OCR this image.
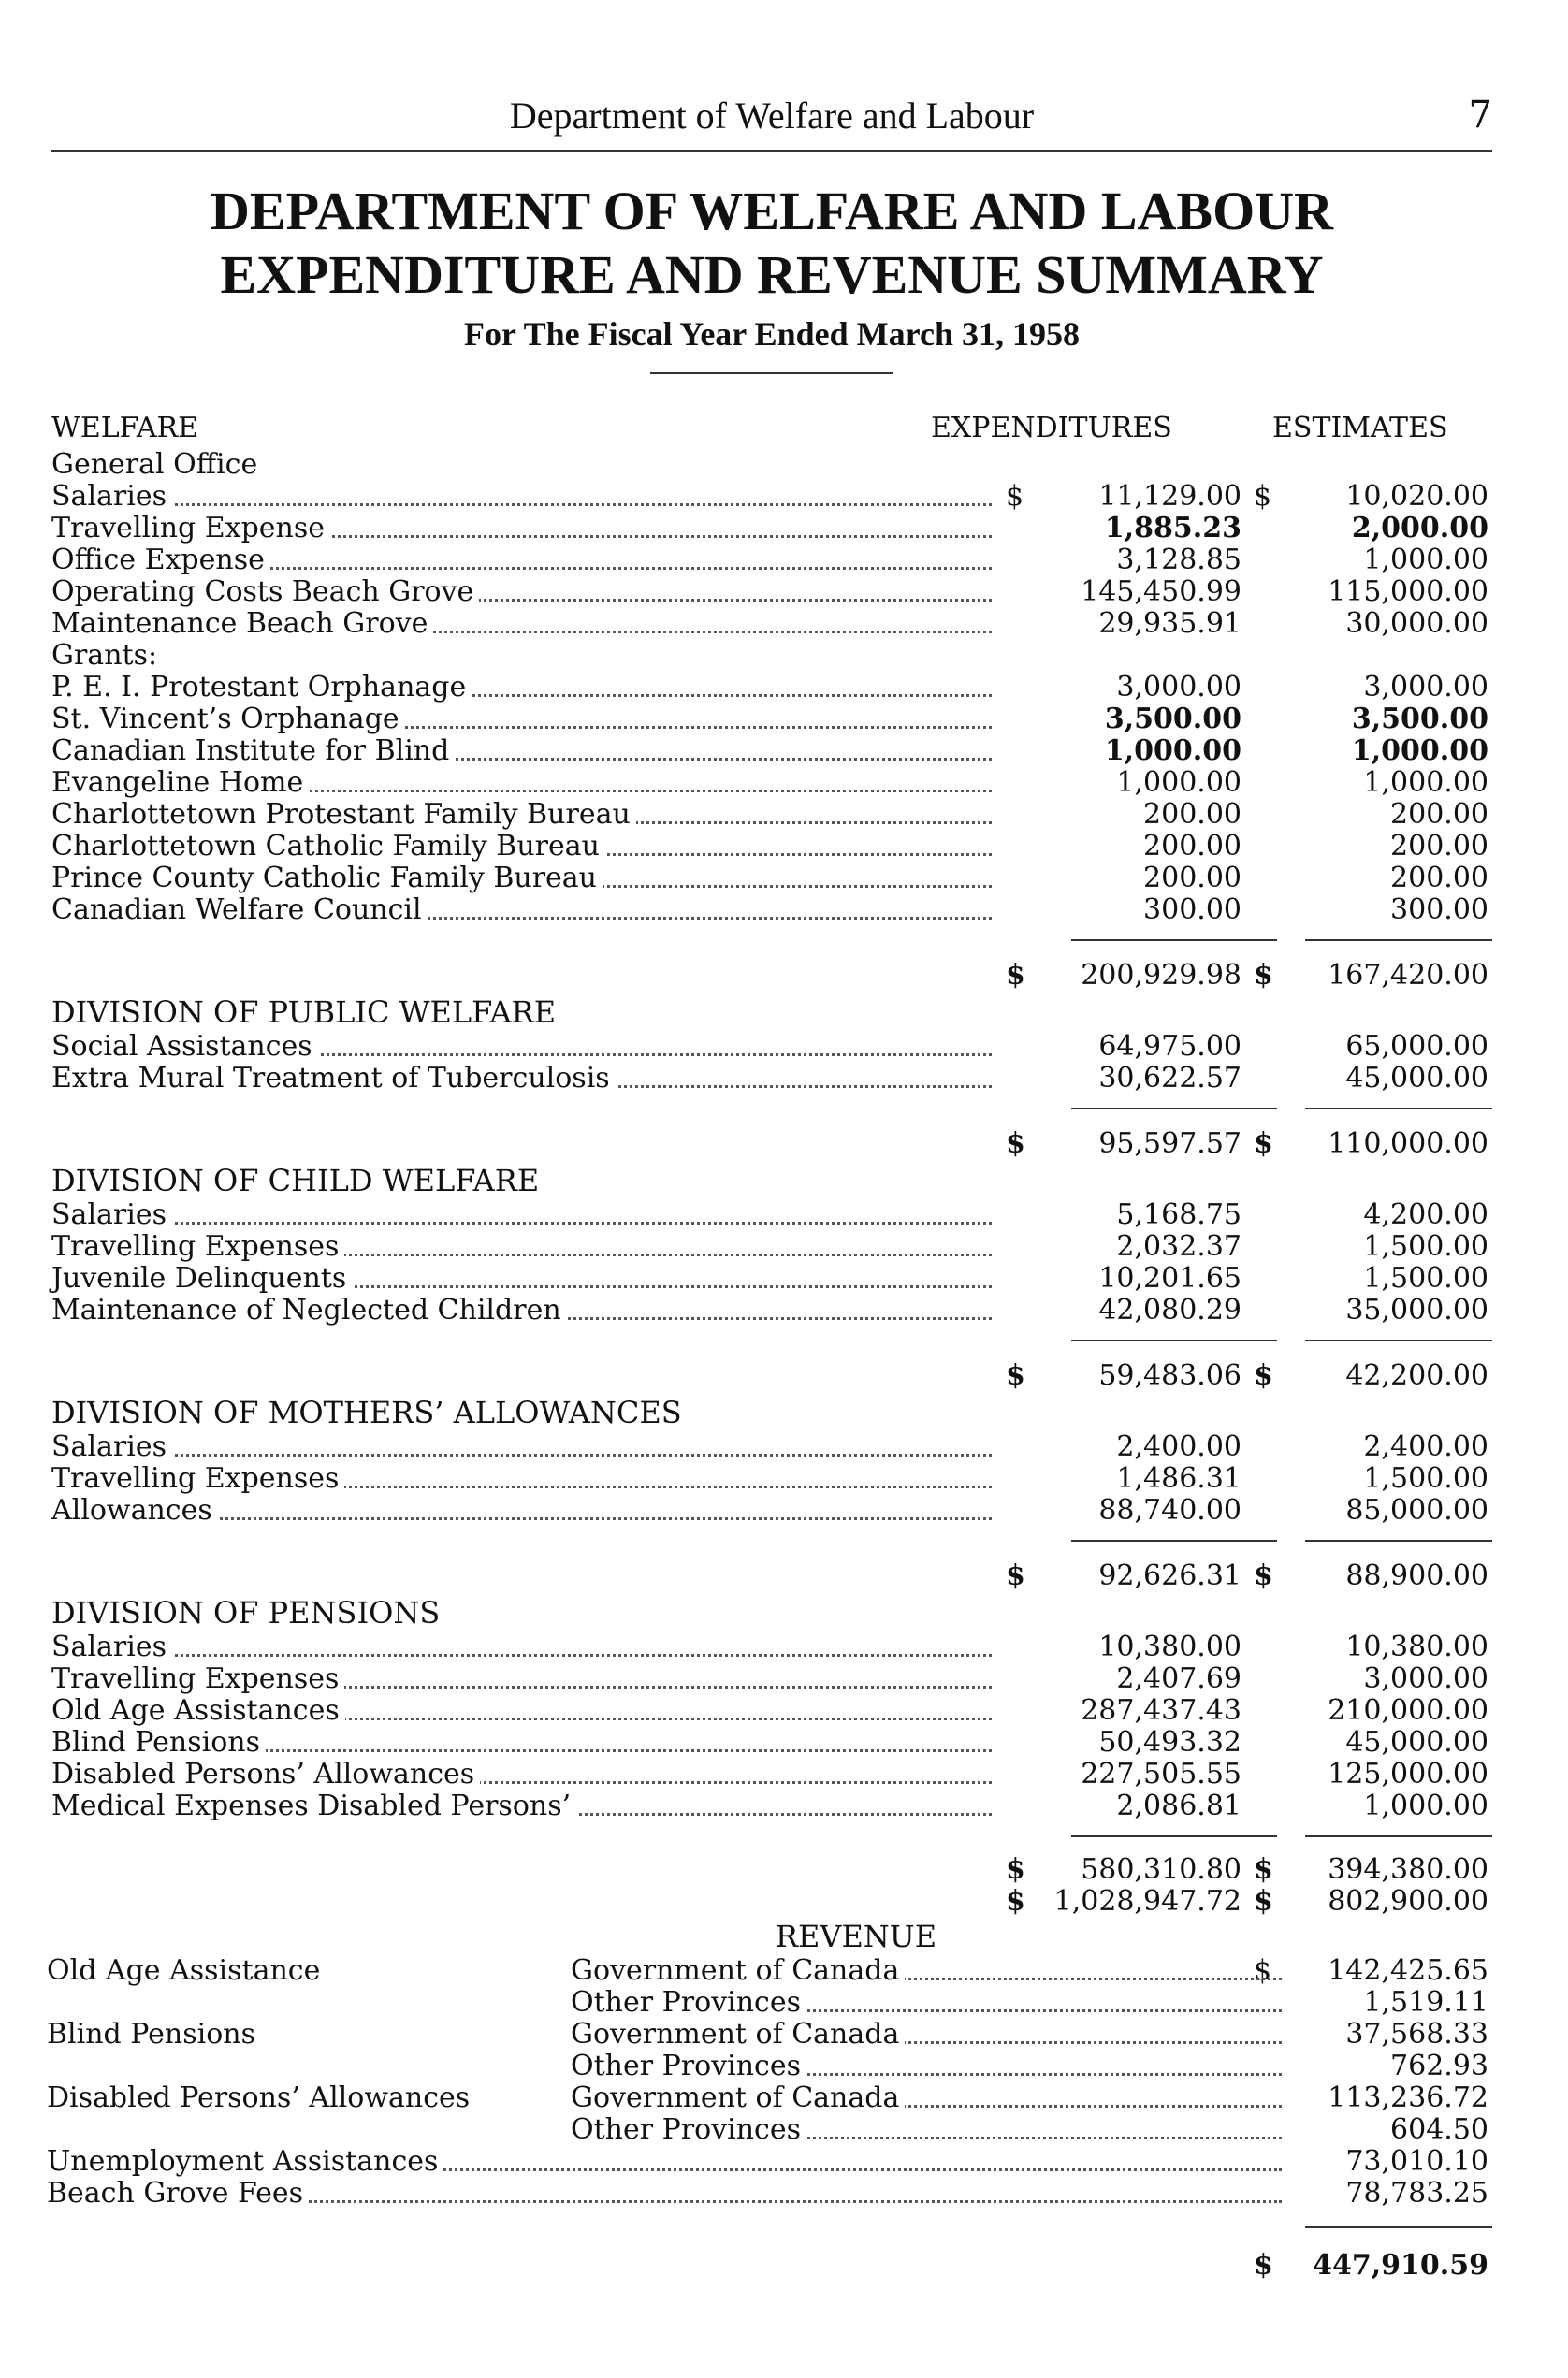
Department of Welfare and Labour	7
DEPARTMENT OF WELFARE AND LABOUR
EXPENDITURE AND REVENUE SUMMARY
For The Fiscal Year Ended March 31, 1958
WELFARE	EXPENDITURES	ESTIMATES
General Office
Salaries	$	11,129.00 $	10,020.00
Travelling Expense	1,885.23	2,000.00
Office Expense	3,128.85	1,000.00
Operating Costs Beach Grove	145,450.99	115,000.00
Maintenance Beach Grove	29,935.91	30,000.00
Grants:
P. E. I. Protestant Orphanage	3,000.00	3,000.00
St. Vincent’s Orphanage	3,500.00	3,500.00
Canadian Institute for Blind	1,000.00	1,000.00
Evangeline Home	1,000.00	1,000.00
Charlottetown Protestant Family Bureau	200.00	200.00
Charlottetown Catholic Family Bureau	200.00	200.00
Prince County Catholic Family Bureau	200.00	200.00
Canadian Welfare Council	300.00	300.00
$ 200,929.98 $ 167,420.00
DIVISION OF PUBLIC WELFARE
Social Assistances	64,975.00	65,000.00
Extra Mural Treatment of Tuberculosis	30,622.57	45,000.00
$	95,597.57 $ 110,000.00
DIVISION OF CHILD WELFARE
Salaries	5,168.75	4,200.00
Travelling Expenses	2,032.37	1,500.00
Juvenile Delinquents	10,201.65	1,500.00
Maintenance of Neglected Children	42,080.29	35,000.00
$	59,483.06 $	42,200.00
DIVISION OF MOTHERS’ ALLOWANCES
Salaries	2,400.00	2,400.00
Travelling Expenses	1,486.31	1,500.00
Allowances	88,740.00	85,000.00
$	92,626.31 $	88,900.00
DIVISION OF PENSIONS
Salaries	10,380.00	10,380.00
Travelling Expenses	2,407.69	3,000.00
Old Age Assistances	287,437.43	210,000.00
Blind Pensions	50,493.32	45,000.00
Disabled Persons’ Allowances	227,505.55	125,000.00
Medical Expenses Disabled Persons’	2,086.81	1,000.00
$ 580,310.80 $ 394,380.00
$ 1,028,947.72 $ 802,900.00
REVENUE
Old Age Assistance	Government of Canada	$ 142,425.65
Other Provinces	1,519.11
Blind Pensions	Government of Canada	37,568.33
Other Provinces	762.93
Disabled Persons’ Allowances	Government of Canada	113,236.72
Other Provinces	604.50
Unemployment Assistances	73,010.10
Beach Grove Fees	78,783.25
$ 447,910.59
